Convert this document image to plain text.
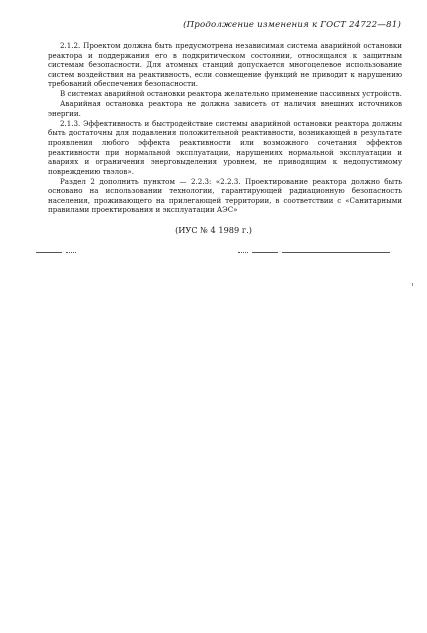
(Продолжение изменения к ГОСТ 24722—81)

2.1.2. Проектом должна быть предусмотрена независимая система аварийной остановки реактора и поддержания его в подкритическом состоянии, относящаяся к защитным системам безопасности. Для атомных станций допускается многоцелевое использование систем воздействия на реактивность, если совмещение функций не приводит к нарушению требований обеспечения безопасности.

В системах аварийной остановки реактора желательно применение пассивных устройств.

Аварийная остановка реактора не должна зависеть от наличия внешних источников энергии.

2.1.3. Эффективность и быстродействие системы аварийной остановки реактора должны быть достаточны для подавления положительной реактивности, возникающей в результате проявления любого эффекта реактивности или возможного сочетания эффектов реактивности при нормальной эксплуатации, нарушениях нормальной эксплуатации и авариях и ограничения энерговыделения уровнем, не приводящим к недопустимому повреждению твэлов».

Раздел 2 дополнить пунктом — 2.2.3: «2.2.3. Проектирование реактора должно быть основано на использовании технологии, гарантирующей радиационную безопасность населения, проживающего на прилегающей территории, в соответствии с «Санитарными правилами проектирования и эксплуатации АЭС»

(ИУС № 4 1989 г.)
